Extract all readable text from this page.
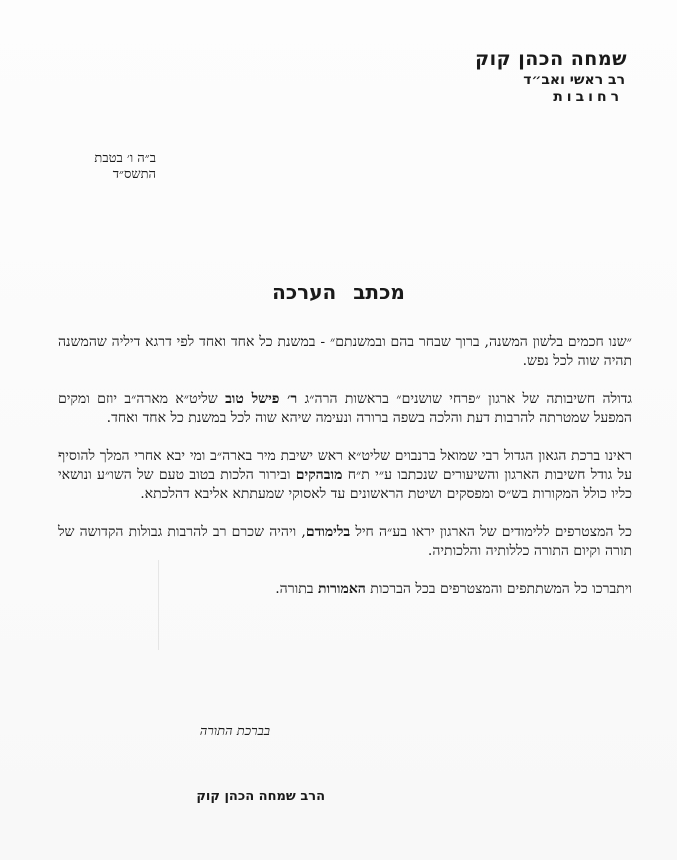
שמחה הכהן קוק
רב ראשי ואב״ד
רחובות
ב״ה ו׳ בטבת התשס״ד
מכתב הערכה

״שנו חכמים בלשון המשנה, ברוך שבחר בהם ובמשנתם״ - במשנת כל אחד ואחד לפי דרגא דיליה שהמשנה תהיה שוה לכל נפש.

גדולה חשיבותה של ארגון ״פרחי שושנים״ בראשות הרה״ג ר׳ פישל טוב שליט״א מארה״ב יוזם ומקים המפעל שמטרתה להרבות דעת והלכה בשפה ברורה ונעימה שיהא שוה לכל במשנת כל אחד ואחד.

ראינו ברכת הגאון הגדול רבי שמואל ברנבוים שליט״א ראש ישיבת מיר בארה״ב ומי יבא אחרי המלך להוסיף על גודל חשיבות הארגון והשיעורים שנכתבו ע״י ת״ח מובהקים ובירור הלכות בטוב טעם של השו״ע ונושאי כליו כולל המקורות בש״ס ומפסקים ושיטת הראשונים עד לאסוקי שמעתתא אליבא דהלכתא.

כל המצטרפים ללימודים של הארגון יראו בע״ה חיל בלימודם, ויהיה שכרם רב להרבות גבולות הקדושה של תורה וקיום התורה כללותיה והלכותיה.

ויתברכו כל המשתתפים והמצטרפים בכל הברכות האמורות בתורה.

בברכת התורה
הרב שמחה הכהן קוק
